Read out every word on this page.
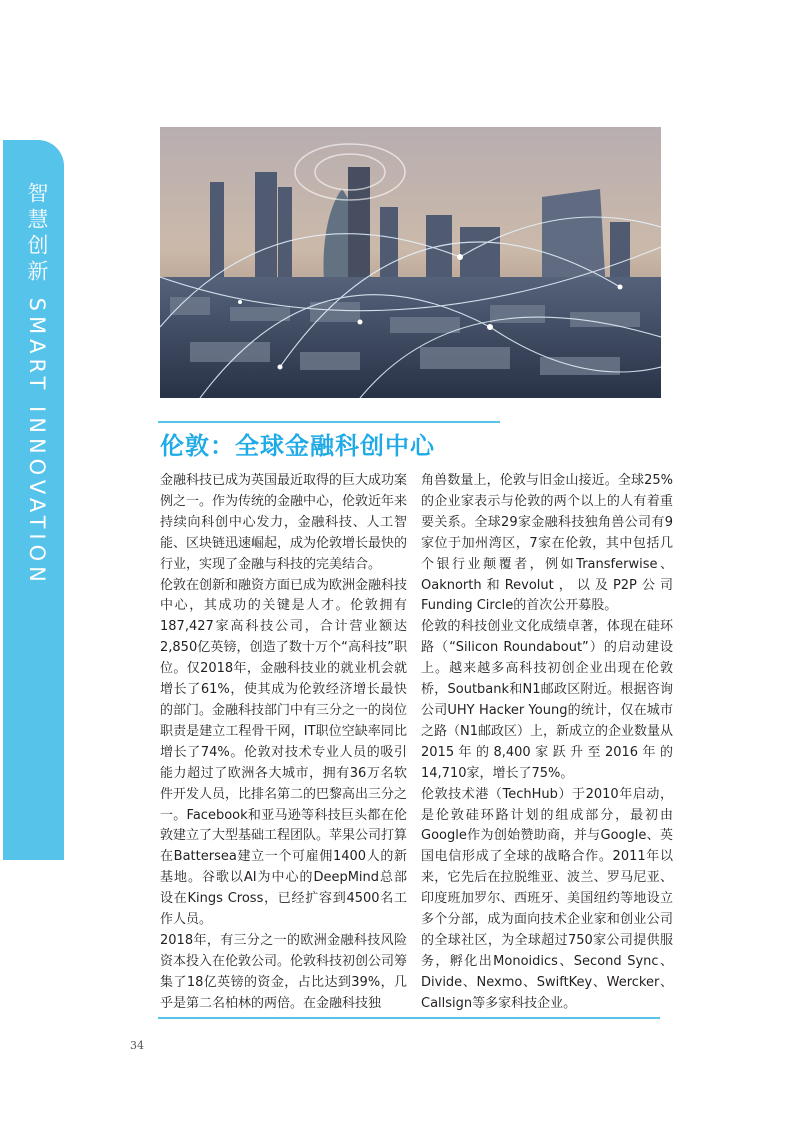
智慧创新 SMART INNOVATION	伦敦：全球金融科创中心

金融科技已成为英国最近取得的巨大成功案例之一。作为传统的金融中心，伦敦近年来持续向科创中心发力，金融科技、人工智能、区块链迅速崛起，成为伦敦增长最快的行业，实现了金融与科技的完美结合。

伦敦在创新和融资方面已成为欧洲金融科技中心，其成功的关键是人才。伦敦拥有187,427家高科技公司，合计营业额达2,850亿英镑，创造了数十万个“高科技”职位。仅2018年，金融科技业的就业机会就增长了61%，使其成为伦敦经济增长最快的部门。金融科技部门中有三分之一的岗位职责是建立工程骨干网，IT职位空缺率同比增长了74%。伦敦对技术专业人员的吸引能力超过了欧洲各大城市，拥有36万名软件开发人员，比排名第二的巴黎高出三分之一。Facebook和亚马逊等科技巨头都在伦敦建立了大型基础工程团队。苹果公司打算在Battersea建立一个可雇佣1400人的新基地。谷歌以AI为中心的DeepMind总部设在Kings Cross，已经扩容到4500名工作人员。

2018年，有三分之一的欧洲金融科技风险资本投入在伦敦公司。伦敦科技初创公司筹集了18亿英镑的资金，占比达到39%，几乎是第二名柏林的两倍。在金融科技独

角兽数量上，伦敦与旧金山接近。全球25%的企业家表示与伦敦的两个以上的人有着重要关系。全球29家金融科技独角兽公司有9家位于加州湾区，7家在伦敦，其中包括几个银行业颠覆者，例如Transferwise、Oaknorth和Revolut，以及P2P公司Funding Circle的首次公开募股。

伦敦的科技创业文化成绩卓著，体现在硅环路（“Silicon Roundabout”）的启动建设上。越来越多高科技初创企业出现在伦敦桥，Soutbank和N1邮政区附近。根据咨询公司UHY Hacker Young的统计，仅在城市之路（N1邮政区）上，新成立的企业数量从2015年的8,400家跃升至2016年的14,710家，增长了75%。

伦敦技术港（TechHub）于2010年启动，是伦敦硅环路计划的组成部分，最初由Google作为创始赞助商，并与Google、英国电信形成了全球的战略合作。2011年以来，它先后在拉脱维亚、波兰、罗马尼亚、印度班加罗尔、西班牙、美国纽约等地设立多个分部，成为面向技术企业家和创业公司的全球社区，为全球超过750家公司提供服务，孵化出Monoidics、Second Sync、Divide、Nexmo、SwiftKey、Wercker、Callsign等多家科技企业。

34
